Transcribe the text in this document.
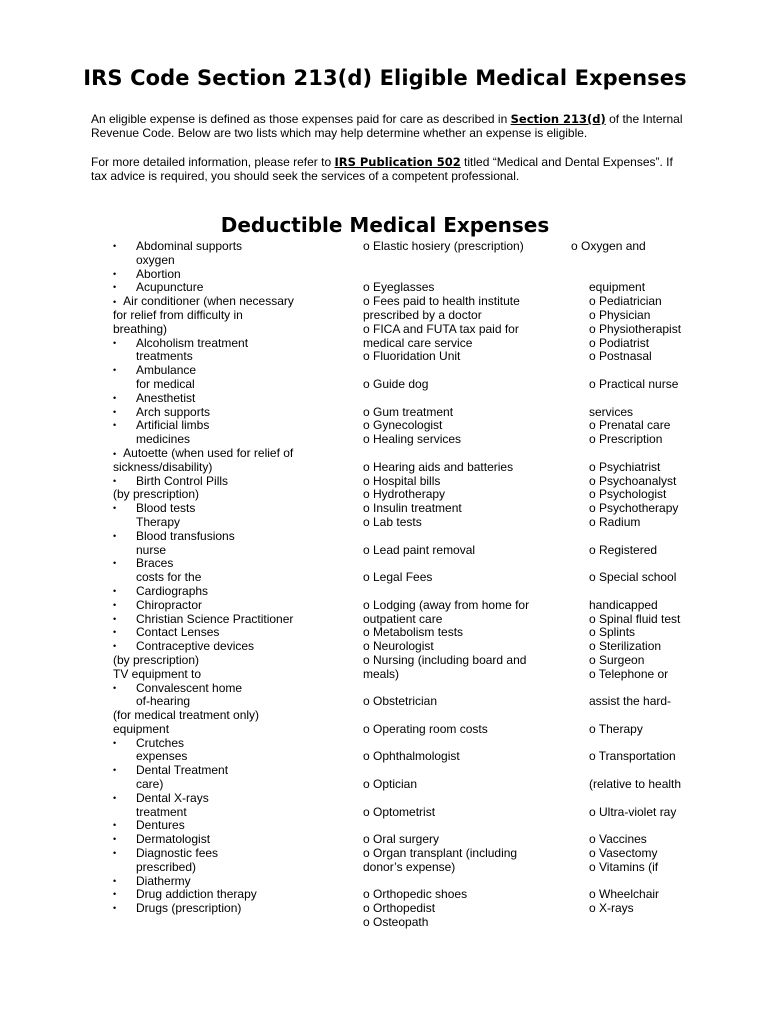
IRS Code Section 213(d) Eligible Medical Expenses

An eligible expense is defined as those expenses paid for care as described in Section 213(d) of the Internal Revenue Code. Below are two lists which may help determine whether an expense is eligible.

For more detailed information, please refer to IRS Publication 502 titled “Medical and Dental Expenses”. If tax advice is required, you should seek the services of a competent professional.

Deductible Medical Expenses
• Abdominal supports
oxygen
• Abortion
• Acupuncture
• Air conditioner (when necessary
for relief from difficulty in
breathing)
• Alcoholism treatment
treatments
• Ambulance
for medical
• Anesthetist
• Arch supports
• Artificial limbs
medicines
• Autoette (when used for relief of
sickness/disability)
• Birth Control Pills
(by prescription)
• Blood tests
Therapy
• Blood transfusions
nurse
• Braces
costs for the
• Cardiographs
• Chiropractor
• Christian Science Practitioner
• Contact Lenses
• Contraceptive devices
(by prescription)
TV equipment to
• Convalescent home
of-hearing
(for medical treatment only)
equipment
• Crutches
expenses
• Dental Treatment
care)
• Dental X-rays
treatment
• Dentures
• Dermatologist
• Diagnostic fees
prescribed)
• Diathermy
• Drug addiction therapy
• Drugs (prescription)
o Elastic hosiery (prescription)
o Eyeglasses
o Fees paid to health institute
prescribed by a doctor
o FICA and FUTA tax paid for
medical care service
o Fluoridation Unit
o Guide dog
o Gum treatment
o Gynecologist
o Healing services
o Hearing aids and batteries
o Hospital bills
o Hydrotherapy
o Insulin treatment
o Lab tests
o Lead paint removal
o Legal Fees
o Lodging (away from home for
outpatient care
o Metabolism tests
o Neurologist
o Nursing (including board and
meals)
o Obstetrician
o Operating room costs
o Ophthalmologist
o Optician
o Optometrist
o Oral surgery
o Organ transplant (including
donor’s expense)
o Orthopedic shoes
o Orthopedist
o Osteopath
o Oxygen and
equipment
o Pediatrician
o Physician
o Physiotherapist
o Podiatrist
o Postnasal
o Practical nurse
services
o Prenatal care
o Prescription
o Psychiatrist
o Psychoanalyst
o Psychologist
o Psychotherapy
o Radium
o Registered
o Special school
handicapped
o Spinal fluid test
o Splints
o Sterilization
o Surgeon
o Telephone or
assist the hard-
o Therapy
o Transportation
(relative to health
o Ultra-violet ray
o Vaccines
o Vasectomy
o Vitamins (if
o Wheelchair
o X-rays
